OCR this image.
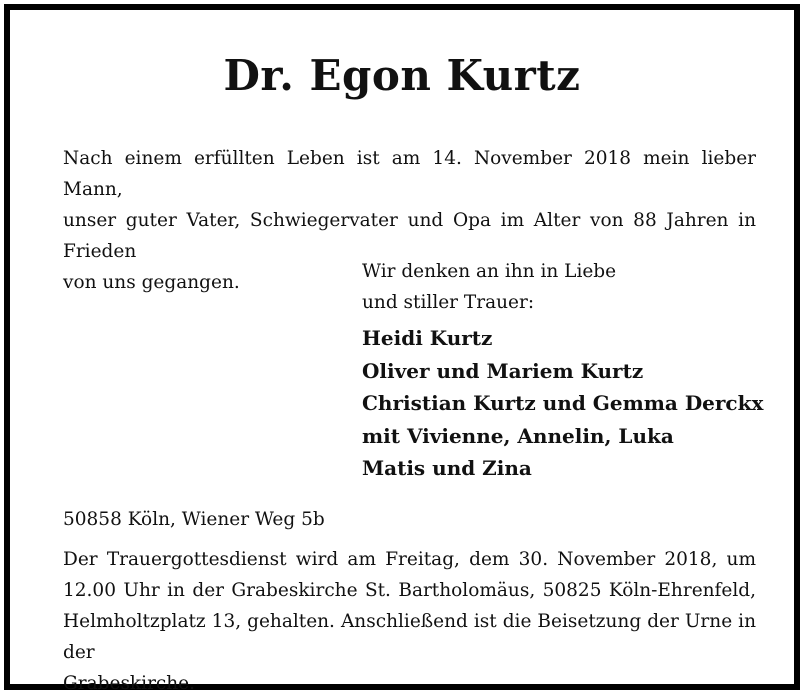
Dr. Egon Kurtz
Nach einem erfüllten Leben ist am 14. November 2018 mein lieber Mann,
unser guter Vater, Schwiegervater und Opa im Alter von 88 Jahren in Frieden
von uns gegangen.
Wir denken an ihn in Liebe
und stiller Trauer:
Heidi Kurtz
Oliver und Mariem Kurtz
Christian Kurtz und Gemma Derckx
mit Vivienne, Annelin, Luka
Matis und Zina
50858 Köln, Wiener Weg 5b
Der Trauergottesdienst wird am Freitag, dem 30. November 2018, um
12.00 Uhr in der Grabeskirche St. Bartholomäus, 50825 Köln-Ehrenfeld,
Helmholtzplatz 13, gehalten. Anschließend ist die Beisetzung der Urne in der
Grabeskirche.
